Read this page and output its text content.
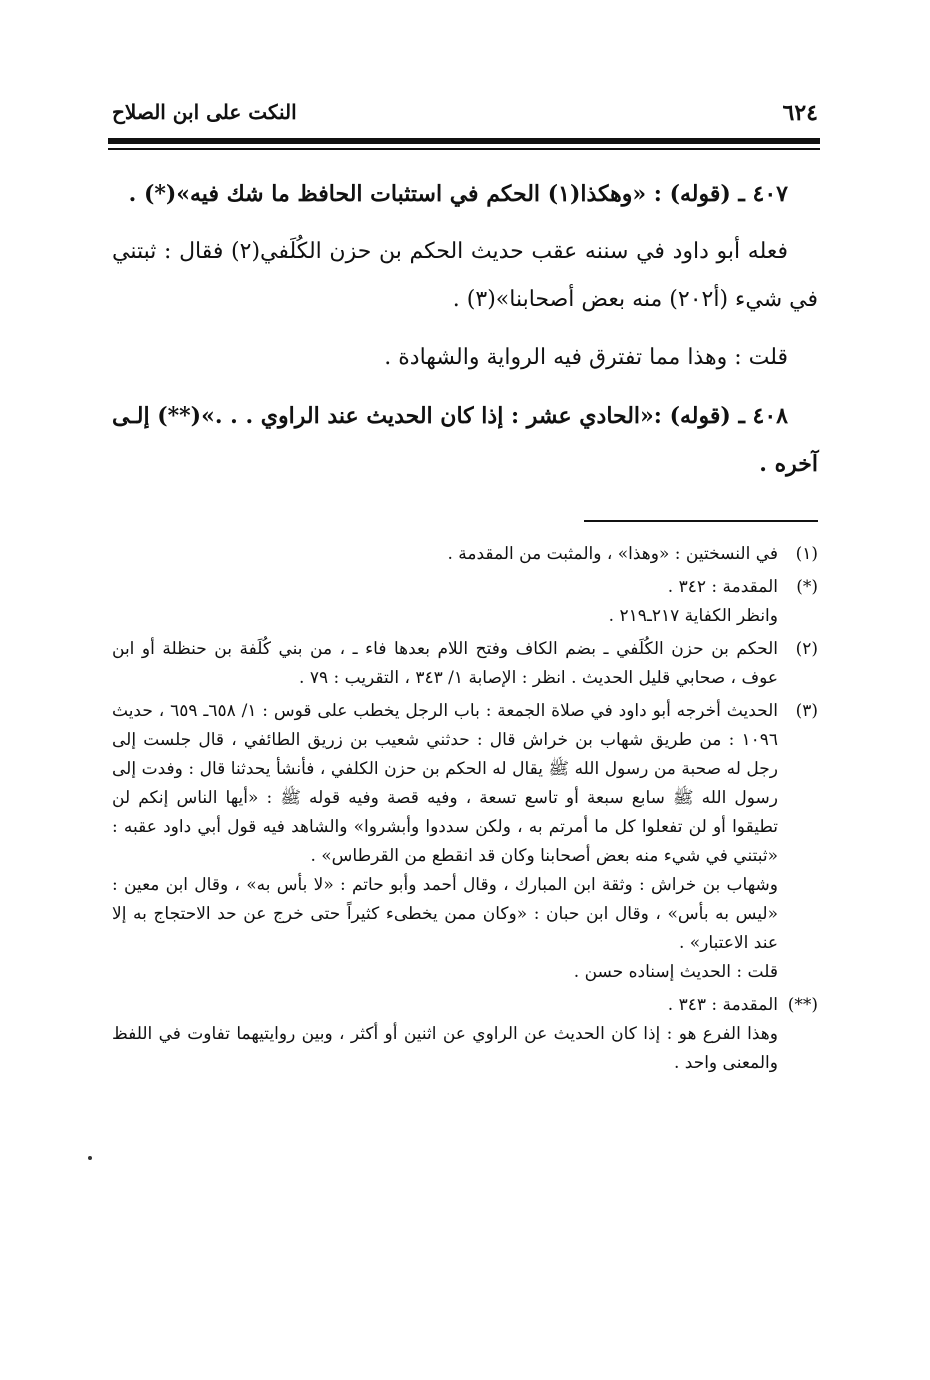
٦٢٤
النكت على ابن الصلاح

٤٠٧ ـ (قوله) : «وهكذا(١) الحكم في استثبات الحافظ ما شك فيه»(*) .

فعله أبو داود في سننه عقب حديث الحكم بن حزن الكُلَفي(٢) فقال : ثبتني في شيء (أ٢٠٢) منه بعض أصحابنا»(٣) .

قلت : وهذا مما تفترق فيه الرواية والشهادة .

٤٠٨ ـ (قوله) :«الحادي عشر : إذا كان الحديث عند الراوي . . .»(**) إلـى آخره .

(١)
في النسختين : «وهذا» ، والمثبت من المقدمة .
(*)
المقدمة : ٣٤٢ .
وانظر الكفاية ٢١٧ـ٢١٩ .
(٢)
الحكم بن حزن الكُلَفي ـ بضم الكاف وفتح اللام بعدها فاء ـ ، من بني كُلَفة بن حنظلة أو ابن عوف ، صحابي قليل الحديث . انظر : الإصابة ١/ ٣٤٣ ، التقريب : ٧٩ .
(٣)
الحديث أخرجه أبو داود في صلاة الجمعة : باب الرجل يخطب على قوس : ١/ ٦٥٨ـ ٦٥٩ ، حديث ١٠٩٦ : من طريق شهاب بن خراش قال : حدثني شعيب بن زريق الطائفي ، قال جلست إلى رجل له صحبة من رسول الله ﷺ يقال له الحكم بن حزن الكلفي ، فأنشأ يحدثنا قال : وفدت إلى رسول الله ﷺ سابع سبعة أو تاسع تسعة ، وفيه قصة وفيه قوله ﷺ : «أيها الناس إنكم لن تطيقوا أو لن تفعلوا كل ما أمرتم به ، ولكن سددوا وأبشروا» والشاهد فيه قول أبي داود عقبه : «ثبتني في شيء منه بعض أصحابنا وكان قد انقطع من القرطاس» .
وشهاب بن خراش : وثقة ابن المبارك ، وقال أحمد وأبو حاتم : «لا بأس به» ، وقال ابن معين : «ليس به بأس» ، وقال ابن حبان : «وكان ممن يخطىء كثيراً حتى خرج عن حد الاحتجاج به إلا عند الاعتبار» .
قلت : الحديث إسناده حسن .
(**)
المقدمة : ٣٤٣ .
وهذا الفرع هو : إذا كان الحديث عن الراوي عن اثنين أو أكثر ، وبين روايتيهما تفاوت في اللفظ والمعنى واحد .
